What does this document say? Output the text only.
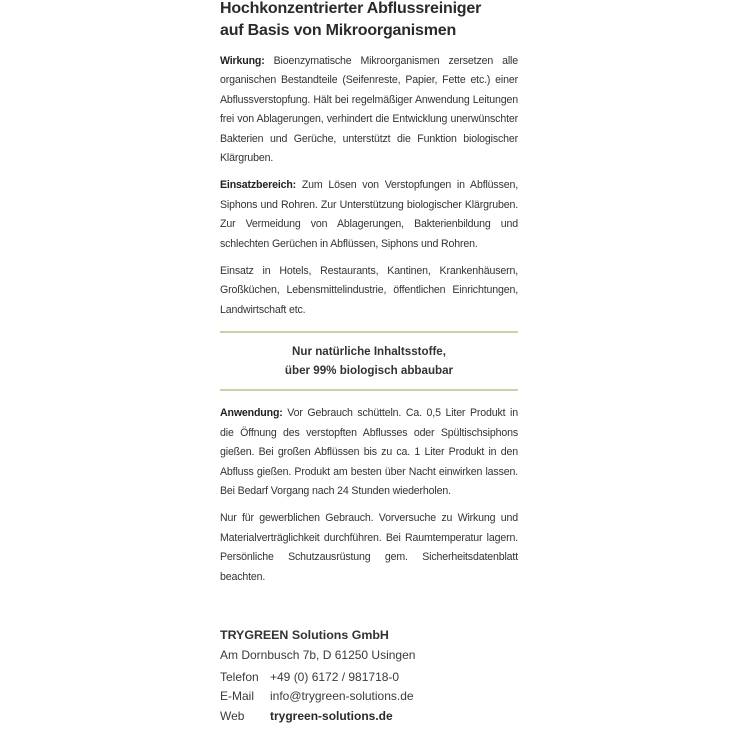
Hochkonzentrierter Abflussreiniger

auf Basis von Mikroorganismen

Wirkung: Bioenzymatische Mikroorganismen zersetzen alle organischen Bestandteile (Seifenreste, Papier, Fette etc.) einer Abflussverstopfung. Hält bei regelmäßiger Anwendung Leitungen frei von Ablagerungen, verhindert die Entwicklung unerwünschter Bakterien und Gerüche, unterstützt die Funktion biologischer Klärgruben.

Einsatzbereich: Zum Lösen von Verstopfungen in Abflüssen, Siphons und Rohren. Zur Unterstützung biologischer Klärgruben. Zur Vermeidung von Ablagerungen, Bakterienbildung und schlechten Gerüchen in Abflüssen, Siphons und Rohren.

Einsatz in Hotels, Restaurants, Kantinen, Krankenhäusern, Großküchen, Lebensmittelindustrie, öffentlichen Einrichtungen, Landwirtschaft etc.

Nur natürliche Inhaltsstoffe,
über 99% biologisch abbaubar

Anwendung: Vor Gebrauch schütteln. Ca. 0,5 Liter Produkt in die Öffnung des verstopften Abflusses oder Spültischsiphons gießen. Bei großen Abflüssen bis zu ca. 1 Liter Produkt in den Abfluss gießen. Produkt am besten über Nacht einwirken lassen. Bei Bedarf Vorgang nach 24 Stunden wiederholen.

Nur für gewerblichen Gebrauch. Vorversuche zu Wirkung und Materialverträglichkeit durchführen. Bei Raumtemperatur lagern. Persönliche Schutzausrüstung gem. Sicherheitsdatenblatt beachten.

TRYGREEN Solutions GmbH
Am Dornbusch 7b, D 61250 Usingen
Telefon +49 (0) 6172 / 981718-0
E-Mail	info@trygreen-solutions.de
Web	trygreen-solutions.de
